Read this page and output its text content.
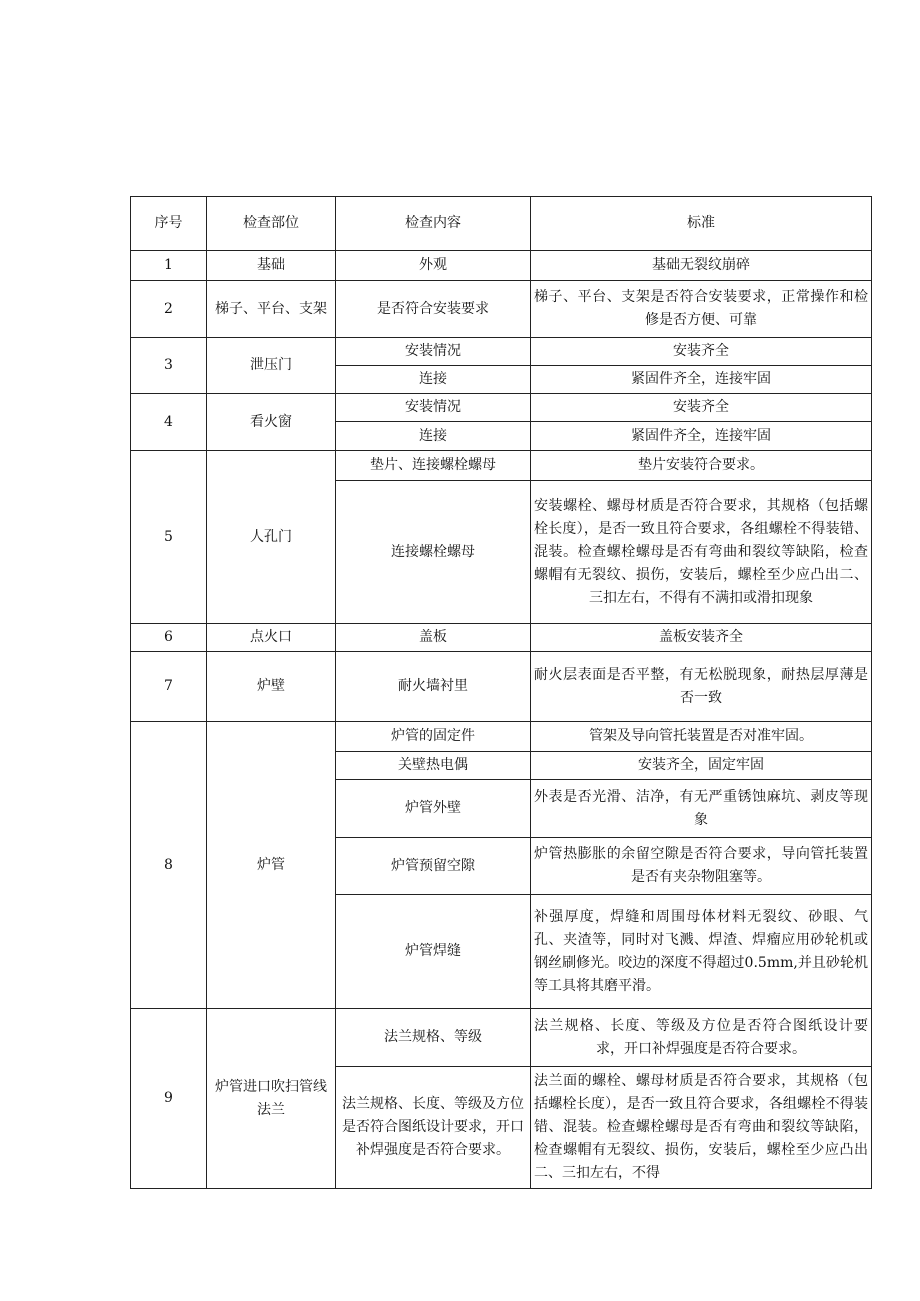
序号	检查部位	检查内容	标准
1	基础	外观	基础无裂纹崩碎
2	梯子、平台、支架	是否符合安装要求	梯子、平台、支架是否符合安装要求，正常操作和检修是否方便、可靠
3	泄压门	安装情况	安装齐全
		连接	紧固件齐全，连接牢固
4	看火窗	安装情况	安装齐全
		连接	紧固件齐全，连接牢固
5	人孔门	垫片、连接螺栓螺母	垫片安装符合要求。
		连接螺栓螺母	安装螺栓、螺母材质是否符合要求，其规格（包括螺栓长度），是否一致且符合要求，各组螺栓不得装错、混装。检查螺栓螺母是否有弯曲和裂纹等缺陷，检查螺帽有无裂纹、损伤，安装后，螺栓至少应凸出二、三扣左右，不得有不满扣或滑扣现象
6	点火口	盖板	盖板安装齐全
7	炉壁	耐火墙衬里	耐火层表面是否平整，有无松脱现象，耐热层厚薄是否一致
8	炉管	炉管的固定件	管架及导向管托装置是否对准牢固。
		关壁热电偶	安装齐全，固定牢固
		炉管外壁	外表是否光滑、洁净，有无严重锈蚀麻坑、剥皮等现象
		炉管预留空隙	炉管热膨胀的余留空隙是否符合要求，导向管托装置是否有夹杂物阻塞等。
		炉管焊缝	补强厚度，焊缝和周围母体材料无裂纹、砂眼、气孔、夹渣等，同时对飞溅、焊渣、焊瘤应用砂轮机或钢丝刷修光。咬边的深度不得超过0.5mm,并且砂轮机等工具将其磨平滑。
9	炉管进口吹扫管线法兰	法兰规格、等级	法兰规格、长度、等级及方位是否符合图纸设计要求，开口补焊强度是否符合要求。
		法兰规格、长度、等级及方位是否符合图纸设计要求，开口补焊强度是否符合要求。	法兰面的螺栓、螺母材质是否符合要求，其规格（包括螺栓长度），是否一致且符合要求，各组螺栓不得装错、混装。检查螺栓螺母是否有弯曲和裂纹等缺陷，检查螺帽有无裂纹、损伤，安装后，螺栓至少应凸出二、三扣左右，不得
